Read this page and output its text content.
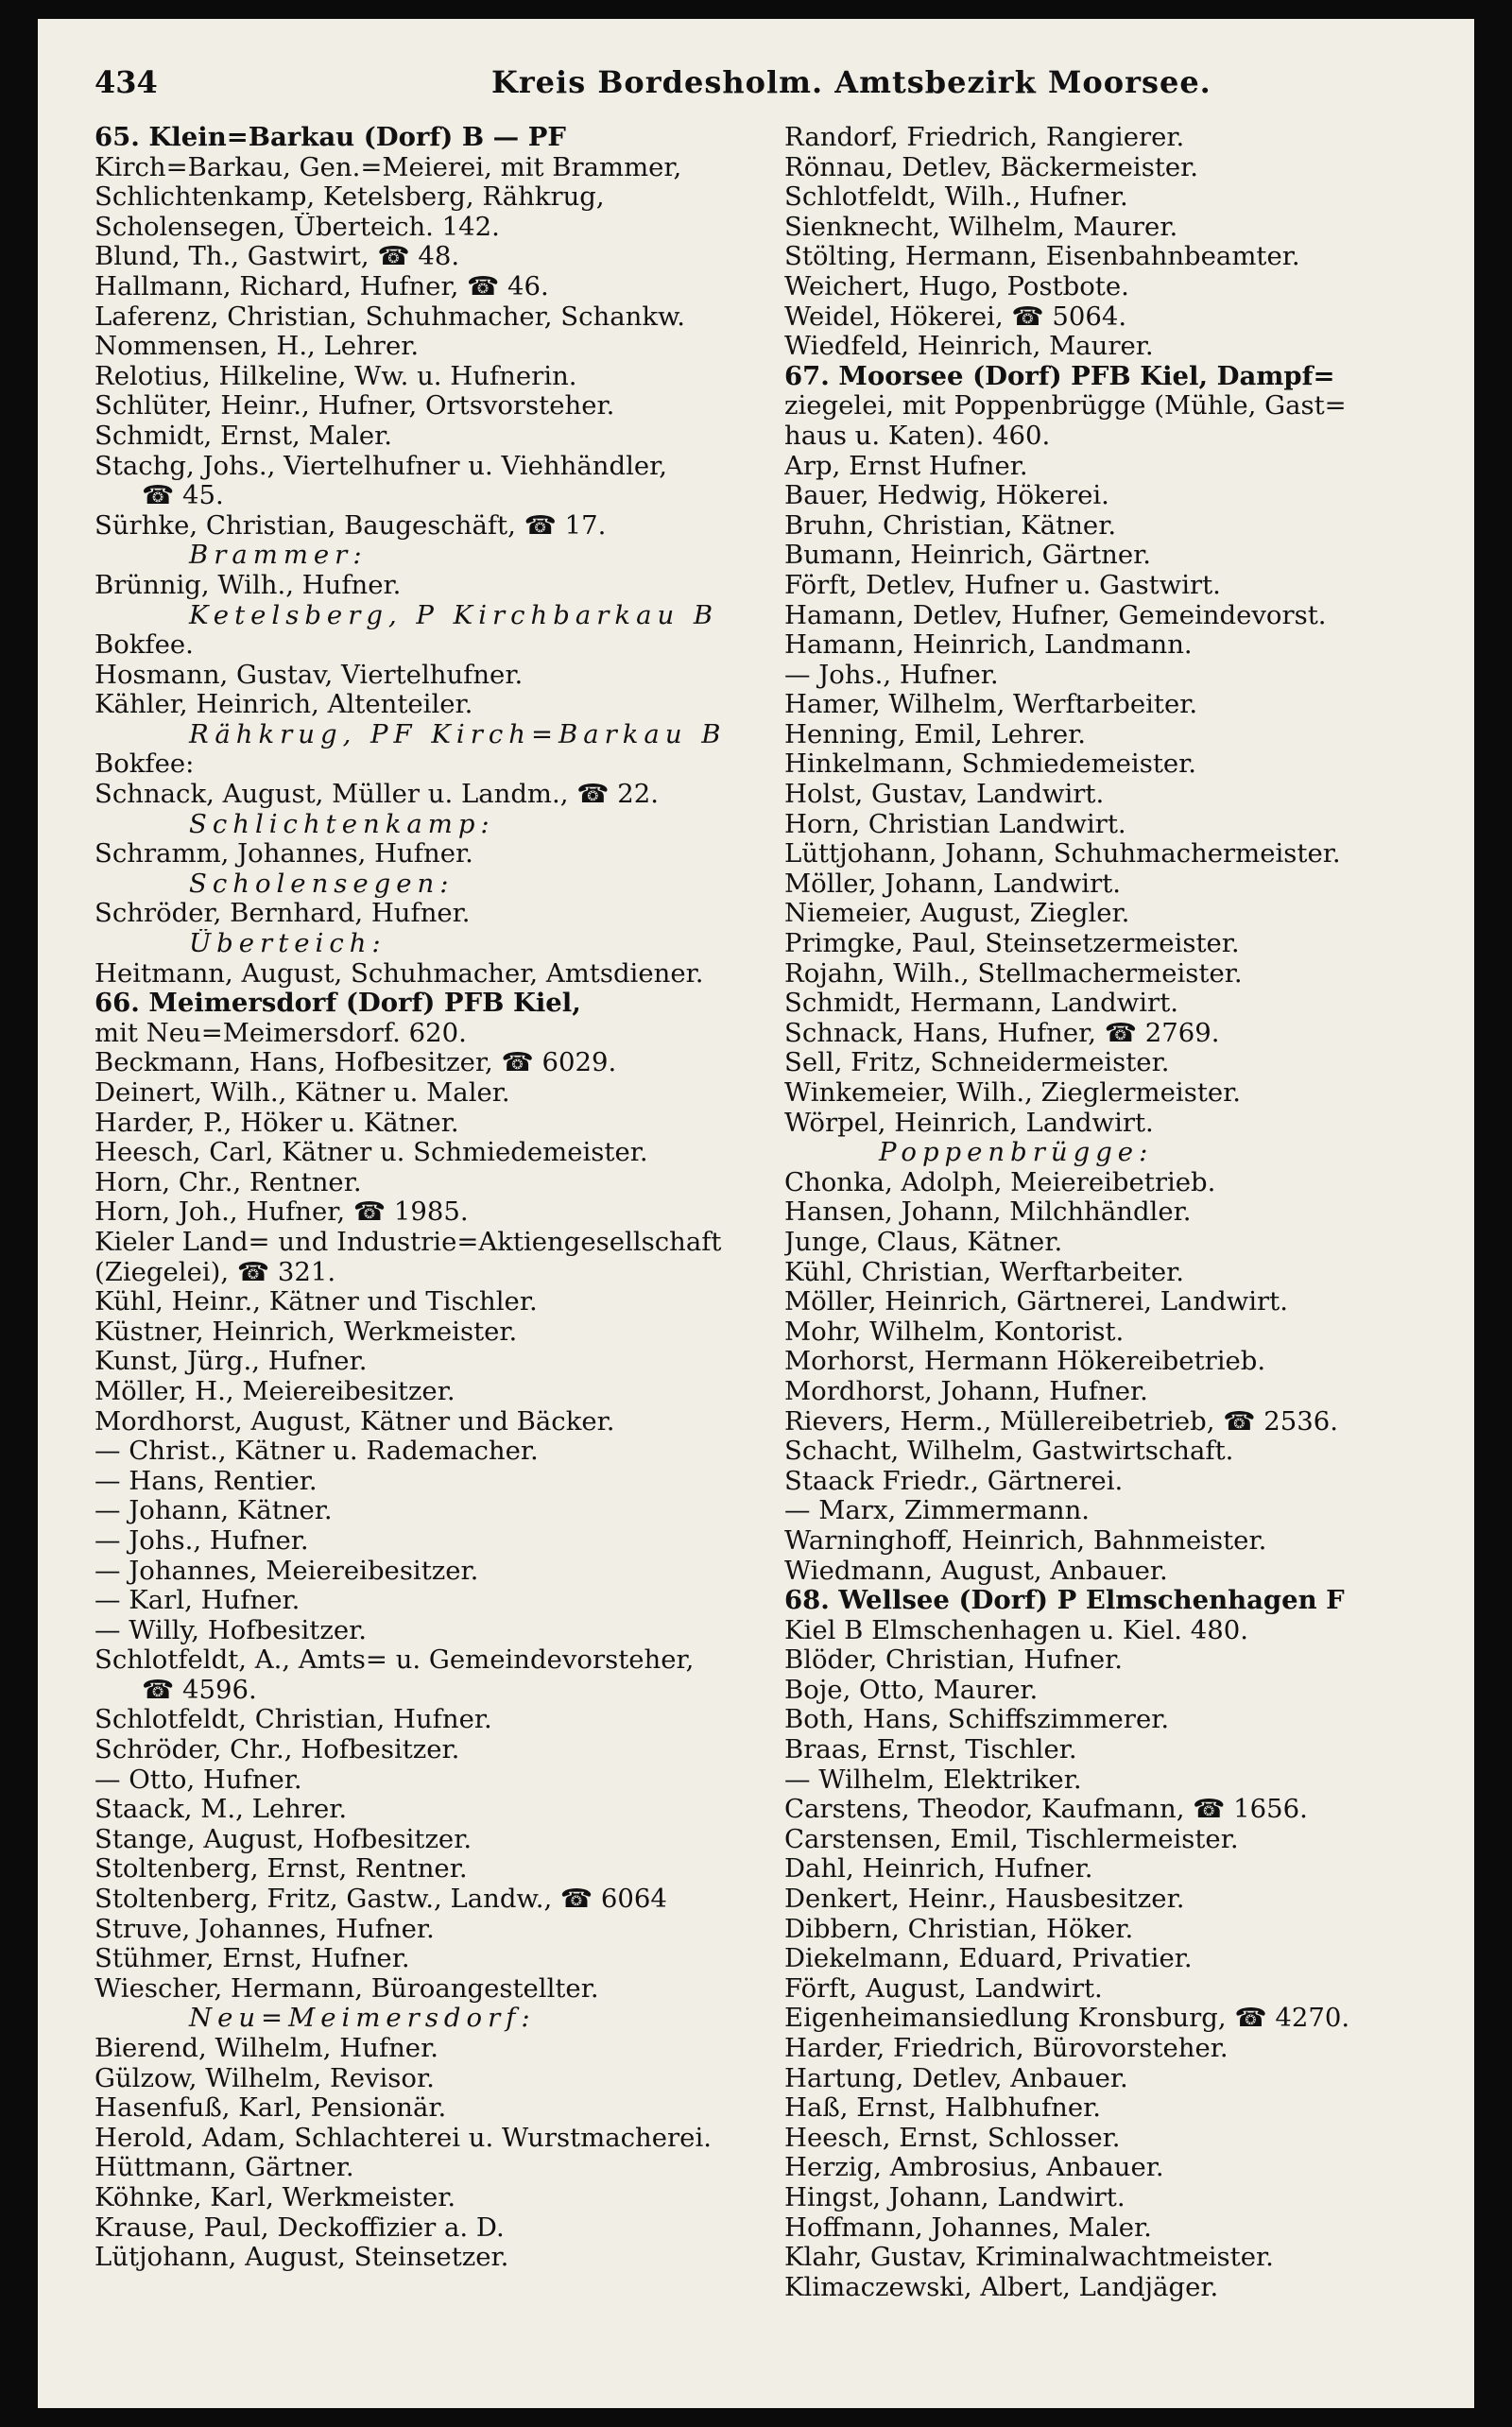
434	Kreis Bordesholm. Amtsbezirk Moorsee.
65. Klein=Barkau (Dorf) B — PF
Kirch=Barkau, Gen.=Meierei, mit Brammer,
Schlichtenkamp, Ketelsberg, Rähkrug,
Scholensegen, Überteich. 142.
Blund, Th., Gastwirt, ☎ 48.
Hallmann, Richard, Hufner, ☎ 46.
Laferenz, Christian, Schuhmacher, Schankw.
Nommensen, H., Lehrer.
Relotius, Hilkeline, Ww. u. Hufnerin.
Schlüter, Heinr., Hufner, Ortsvorsteher.
Schmidt, Ernst, Maler.
Stachg, Johs., Viertelhufner u. Viehhändler,
☎ 45.
Sürhke, Christian, Baugeschäft, ☎ 17.
Brammer:
Brünnig, Wilh., Hufner.
Ketelsberg, P Kirchbarkau B
Bokfee.
Hosmann, Gustav, Viertelhufner.
Kähler, Heinrich, Altenteiler.
Rähkrug, PF Kirch=Barkau B
Bokfee:
Schnack, August, Müller u. Landm., ☎ 22.
Schlichtenkamp:
Schramm, Johannes, Hufner.
Scholensegen:
Schröder, Bernhard, Hufner.
Überteich:
Heitmann, August, Schuhmacher, Amtsdiener.
66. Meimersdorf (Dorf) PFB Kiel,
mit Neu=Meimersdorf. 620.
Beckmann, Hans, Hofbesitzer, ☎ 6029.
Deinert, Wilh., Kätner u. Maler.
Harder, P., Höker u. Kätner.
Heesch, Carl, Kätner u. Schmiedemeister.
Horn, Chr., Rentner.
Horn, Joh., Hufner, ☎ 1985.
Kieler Land= und Industrie=Aktiengesellschaft
(Ziegelei), ☎ 321.
Kühl, Heinr., Kätner und Tischler.
Küstner, Heinrich, Werkmeister.
Kunst, Jürg., Hufner.
Möller, H., Meiereibesitzer.
Mordhorst, August, Kätner und Bäcker.
— Christ., Kätner u. Rademacher.
— Hans, Rentier.
— Johann, Kätner.
— Johs., Hufner.
— Johannes, Meiereibesitzer.
— Karl, Hufner.
— Willy, Hofbesitzer.
Schlotfeldt, A., Amts= u. Gemeindevorsteher,
☎ 4596.
Schlotfeldt, Christian, Hufner.
Schröder, Chr., Hofbesitzer.
— Otto, Hufner.
Staack, M., Lehrer.
Stange, August, Hofbesitzer.
Stoltenberg, Ernst, Rentner.
Stoltenberg, Fritz, Gastw., Landw., ☎ 6064
Struve, Johannes, Hufner.
Stühmer, Ernst, Hufner.
Wiescher, Hermann, Büroangestellter.
Neu=Meimersdorf:
Bierend, Wilhelm, Hufner.
Gülzow, Wilhelm, Revisor.
Hasenfuß, Karl, Pensionär.
Herold, Adam, Schlachterei u. Wurstmacherei.
Hüttmann, Gärtner.
Köhnke, Karl, Werkmeister.
Krause, Paul, Deckoffizier a. D.
Lütjohann, August, Steinsetzer.
Randorf, Friedrich, Rangierer.
Rönnau, Detlev, Bäckermeister.
Schlotfeldt, Wilh., Hufner.
Sienknecht, Wilhelm, Maurer.
Stölting, Hermann, Eisenbahnbeamter.
Weichert, Hugo, Postbote.
Weidel, Hökerei, ☎ 5064.
Wiedfeld, Heinrich, Maurer.
67. Moorsee (Dorf) PFB Kiel, Dampf=
ziegelei, mit Poppenbrügge (Mühle, Gast=
haus u. Katen). 460.
Arp, Ernst Hufner.
Bauer, Hedwig, Hökerei.
Bruhn, Christian, Kätner.
Bumann, Heinrich, Gärtner.
Förft, Detlev, Hufner u. Gastwirt.
Hamann, Detlev, Hufner, Gemeindevorst.
Hamann, Heinrich, Landmann.
— Johs., Hufner.
Hamer, Wilhelm, Werftarbeiter.
Henning, Emil, Lehrer.
Hinkelmann, Schmiedemeister.
Holst, Gustav, Landwirt.
Horn, Christian Landwirt.
Lüttjohann, Johann, Schuhmachermeister.
Möller, Johann, Landwirt.
Niemeier, August, Ziegler.
Primgke, Paul, Steinsetzermeister.
Rojahn, Wilh., Stellmachermeister.
Schmidt, Hermann, Landwirt.
Schnack, Hans, Hufner, ☎ 2769.
Sell, Fritz, Schneidermeister.
Winkemeier, Wilh., Zieglermeister.
Wörpel, Heinrich, Landwirt.
Poppenbrügge:
Chonka, Adolph, Meiereibetrieb.
Hansen, Johann, Milchhändler.
Junge, Claus, Kätner.
Kühl, Christian, Werftarbeiter.
Möller, Heinrich, Gärtnerei, Landwirt.
Mohr, Wilhelm, Kontorist.
Morhorst, Hermann Hökereibetrieb.
Mordhorst, Johann, Hufner.
Rievers, Herm., Müllereibetrieb, ☎ 2536.
Schacht, Wilhelm, Gastwirtschaft.
Staack Friedr., Gärtnerei.
— Marx, Zimmermann.
Warninghoff, Heinrich, Bahnmeister.
Wiedmann, August, Anbauer.
68. Wellsee (Dorf) P Elmschenhagen F
Kiel B Elmschenhagen u. Kiel. 480.
Blöder, Christian, Hufner.
Boje, Otto, Maurer.
Both, Hans, Schiffszimmerer.
Braas, Ernst, Tischler.
— Wilhelm, Elektriker.
Carstens, Theodor, Kaufmann, ☎ 1656.
Carstensen, Emil, Tischlermeister.
Dahl, Heinrich, Hufner.
Denkert, Heinr., Hausbesitzer.
Dibbern, Christian, Höker.
Diekelmann, Eduard, Privatier.
Förft, August, Landwirt.
Eigenheimansiedlung Kronsburg, ☎ 4270.
Harder, Friedrich, Bürovorsteher.
Hartung, Detlev, Anbauer.
Haß, Ernst, Halbhufner.
Heesch, Ernst, Schlosser.
Herzig, Ambrosius, Anbauer.
Hingst, Johann, Landwirt.
Hoffmann, Johannes, Maler.
Klahr, Gustav, Kriminalwachtmeister.
Klimaczewski, Albert, Landjäger.
